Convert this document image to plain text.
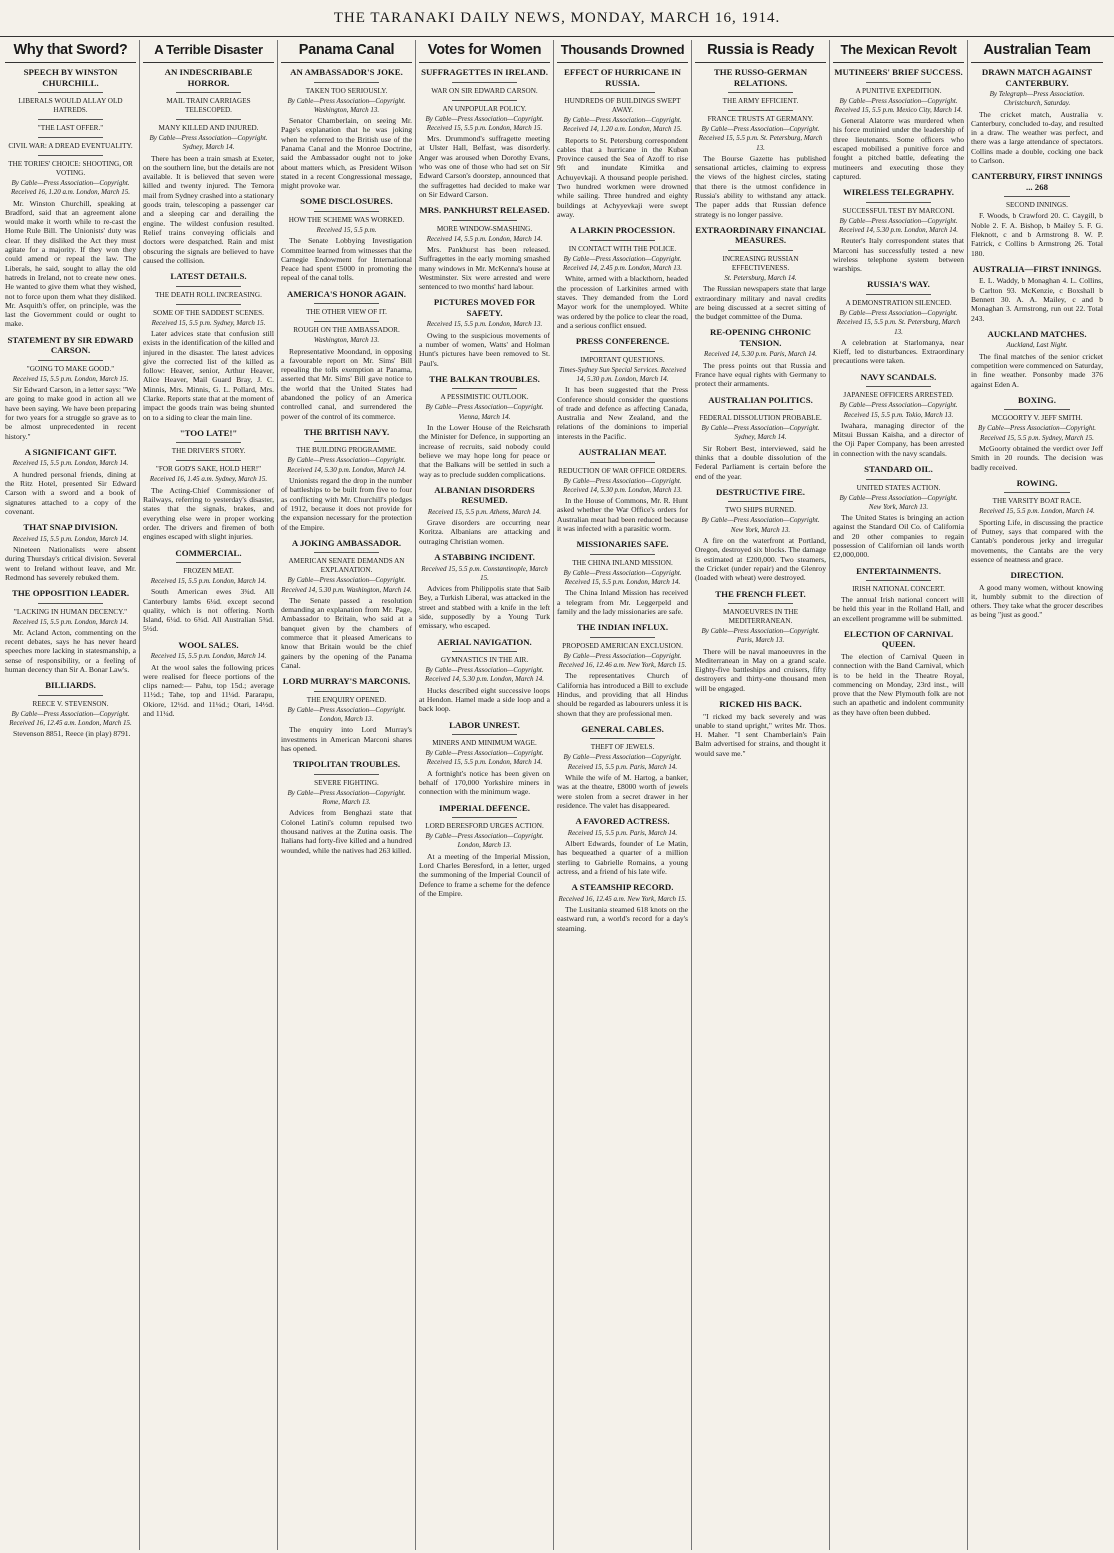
THE TARANAKI DAILY NEWS, MONDAY, MARCH 16, 1914.
Why that Sword?
SPEECH BY WINSTON CHURCHILL.
LIBERALS WOULD ALLAY OLD HATREDS.
"THE LAST OFFER."
CIVIL WAR: A DREAD EVENTUALITY.
THE TORIES' CHOICE: SHOOTING, OR VOTING.
By Cable—Press Association—Copyright. Received 16, 1.20 a.m. London, March 15.

Mr. Winston Churchill, speaking at Bradford, said that an agreement alone would make it worth while to re-cast the Home Rule Bill. The Unionists' duty was clear. If they disliked the Act they must agitate for a majority. If they won they could amend or repeal the law. The Liberals, he said, sought to allay the old hatreds in Ireland, not to create new ones. He wanted to give them what they wished, not to force upon them what they disliked. Mr. Asquith's offer, on principle, was the last the Government could or ought to make.

STATEMENT BY SIR EDWARD CARSON.
"GOING TO MAKE GOOD."
Received 15, 5.5 p.m. London, March 15.

Sir Edward Carson, in a letter says: "We are going to make good in action all we have been saying. We have been preparing for two years for a struggle so grave as to be almost unprecedented in recent history."

A SIGNIFICANT GIFT.
Received 15, 5.5 p.m. London, March 14.

A hundred personal friends, dining at the Ritz Hotel, presented Sir Edward Carson with a sword and a book of signatures attached to a copy of the covenant.

THAT SNAP DIVISION.
Received 15, 5.5 p.m. London, March 14.

Nineteen Nationalists were absent during Thursday's critical division. Several went to Ireland without leave, and Mr. Redmond has severely rebuked them.

THE OPPOSITION LEADER.
"LACKING IN HUMAN DECENCY."
Received 15, 5.5 p.m. London, March 14.

Mr. Acland Acton, commenting on the recent debates, says he has never heard speeches more lacking in statesmanship, a sense of responsibility, or a feeling of human decency than Sir A. Bonar Law's.

BILLIARDS.
REECE V. STEVENSON.
By Cable—Press Association—Copyright. Received 16, 12.45 a.m. London, March 15.

Stevenson 8851, Reece (in play) 8791.

A Terrible Disaster
AN INDESCRIBABLE HORROR.
MAIL TRAIN CARRIAGES TELESCOPED.
MANY KILLED AND INJURED.
By Cable—Press Association—Copyright. Sydney, March 14.

There has been a train smash at Exeter, on the southern line, but the details are not available. It is believed that seven were killed and twenty injured. The Temora mail from Sydney crashed into a stationary goods train, telescoping a passenger car and a sleeping car and derailing the engine. The wildest confusion resulted. Relief trains conveying officials and doctors were despatched. Rain and mist obscuring the signals are believed to have caused the collision.

LATEST DETAILS.
THE DEATH ROLL INCREASING.
SOME OF THE SADDEST SCENES.
Received 15, 5.5 p.m. Sydney, March 15.

Later advices state that confusion still exists in the identification of the killed and injured in the disaster. The latest advices give the corrected list of the killed as follow: Heaver, senior, Arthur Heaver, Alice Heaver, Mail Guard Bray, J. C. Minnis, Mrs. Minnis, G. L. Pollard, Mrs. Clarke. Reports state that at the moment of impact the goods train was being shunted on to a siding to clear the main line.

"TOO LATE!"
THE DRIVER'S STORY.
"FOR GOD'S SAKE, HOLD HER!"
Received 16, 1.45 a.m. Sydney, March 15.

The Acting-Chief Commissioner of Railways, referring to yesterday's disaster, states that the signals, brakes, and everything else were in proper working order. The drivers and firemen of both engines escaped with slight injuries.

COMMERCIAL.
FROZEN MEAT.
Received 15, 5.5 p.m. London, March 14.

South American ewes 3¾d. All Canterbury lambs 6¼d. except second quality, which is not offering. North Island, 6¼d. to 6¾d. All Australian 5¾d. 5½d.

WOOL SALES.
Received 15, 5.5 p.m. London, March 14.

At the wool sales the following prices were realised for fleece portions of the clips named:— Pahu, top 15d.; average 11½d.; Tahe, top and 11¼d. Pararapu, Okiore, 12½d. and 11¼d.; Otari, 14½d. and 11¼d.

Panama Canal
AN AMBASSADOR'S JOKE.
TAKEN TOO SERIOUSLY.
By Cable—Press Association—Copyright. Washington, March 13.

Senator Chamberlain, on seeing Mr. Page's explanation that he was joking when he referred to the British use of the Panama Canal and the Monroe Doctrine, said the Ambassador ought not to joke about matters which, as President Wilson stated in a recent Congressional message, might provoke war.

SOME DISCLOSURES.
HOW THE SCHEME WAS WORKED.
Received 15, 5.5 p.m.

The Senate Lobbying Investigation Committee learned from witnesses that the Carnegie Endowment for International Peace had spent £5000 in promoting the repeal of the canal tolls.

AMERICA'S HONOR AGAIN.
THE OTHER VIEW OF IT.
ROUGH ON THE AMBASSADOR.
Washington, March 13.

Representative Moondand, in opposing a favourable report on Mr. Sims' Bill repealing the tolls exemption at Panama, asserted that Mr. Sims' Bill gave notice to the world that the United States had abandoned the policy of an America controlled canal, and surrendered the power of the control of its commerce.

THE BRITISH NAVY.
THE BUILDING PROGRAMME.
By Cable—Press Association—Copyright. Received 14, 5.30 p.m. London, March 14.

Unionists regard the drop in the number of battleships to be built from five to four as conflicting with Mr. Churchill's pledges of 1912, because it does not provide for the expansion necessary for the protection of the Empire.

A JOKING AMBASSADOR.
AMERICAN SENATE DEMANDS AN EXPLANATION.
By Cable—Press Association—Copyright. Received 14, 5.30 p.m. Washington, March 14.

The Senate passed a resolution demanding an explanation from Mr. Page, Ambassador to Britain, who said at a banquet given by the chambers of commerce that it pleased Americans to know that Britain would be the chief gainers by the opening of the Panama Canal.

LORD MURRAY'S MARCONIS.
THE ENQUIRY OPENED.
By Cable—Press Association—Copyright. London, March 13.

The enquiry into Lord Murray's investments in American Marconi shares has opened.

TRIPOLITAN TROUBLES.
SEVERE FIGHTING.
By Cable—Press Association—Copyright. Rome, March 13.

Advices from Benghazi state that Colonel Latini's column repulsed two thousand natives at the Zutina oasis. The Italians had forty-five killed and a hundred wounded, while the natives had 263 killed.

Votes for Women
SUFFRAGETTES IN IRELAND.
WAR ON SIR EDWARD CARSON.
AN UNPOPULAR POLICY.
By Cable—Press Association—Copyright. Received 15, 5.5 p.m. London, March 15.

Mrs. Drummond's suffragette meeting at Ulster Hall, Belfast, was disorderly. Anger was aroused when Dorothy Evans, who was one of those who had set on Sir Edward Carson's doorstep, announced that the suffragettes had decided to make war on Sir Edward Carson.

MRS. PANKHURST RELEASED.
MORE WINDOW-SMASHING.
Received 14, 5.5 p.m. London, March 14.

Mrs. Pankhurst has been released. Suffragettes in the early morning smashed many windows in Mr. McKenna's house at Westminster. Six were arrested and were sentenced to two months' hard labour.

PICTURES MOVED FOR SAFETY.
Received 15, 5.5 p.m. London, March 13.

Owing to the suspicious movements of a number of women, Watts' and Holman Hunt's pictures have been removed to St. Paul's.

THE BALKAN TROUBLES.
A PESSIMISTIC OUTLOOK.
By Cable—Press Association—Copyright. Vienna, March 14.

In the Lower House of the Reichsrath the Minister for Defence, in supporting an increase of recruits, said nobody could believe we may hope long for peace or that the Balkans will be settled in such a way as to preclude sudden complications.

ALBANIAN DISORDERS RESUMED.
Received 15, 5.5 p.m. Athens, March 14.

Grave disorders are occurring near Koritza. Albanians are attacking and outraging Christian women.

A STABBING INCIDENT.
Received 15, 5.5 p.m. Constantinople, March 15.

Advices from Philippolis state that Saib Bey, a Turkish Liberal, was attacked in the street and stabbed with a knife in the left side, supposedly by a Young Turk emissary, who escaped.

AERIAL NAVIGATION.
GYMNASTICS IN THE AIR.
By Cable—Press Association—Copyright. Received 14, 5.30 p.m. London, March 14.

Hucks described eight successive loops at Hendon. Hamel made a side loop and a back loop.

LABOR UNREST.
MINERS AND MINIMUM WAGE.
By Cable—Press Association—Copyright. Received 15, 5.5 p.m. London, March 14.

A fortnight's notice has been given on behalf of 170,000 Yorkshire miners in connection with the minimum wage.

IMPERIAL DEFENCE.
LORD BERESFORD URGES ACTION.
By Cable—Press Association—Copyright. London, March 13.

At a meeting of the Imperial Mission, Lord Charles Beresford, in a letter, urged the summoning of the Imperial Council of Defence to frame a scheme for the defence of the Empire.

Thousands Drowned
EFFECT OF HURRICANE IN RUSSIA.
HUNDREDS OF BUILDINGS SWEPT AWAY.
By Cable—Press Association—Copyright. Received 14, 1.20 a.m. London, March 15.

Reports to St. Petersburg correspondent cables that a hurricane in the Kuban Province caused the Sea of Azoff to rise 9ft and inundate Kimitka and Achuyevkaji. A thousand people perished. Two hundred workmen were drowned while sailing. Three hundred and eighty buildings at Achyyevkaji were swept away.

A LARKIN PROCESSION.
IN CONTACT WITH THE POLICE.
By Cable—Press Association—Copyright. Received 14, 2.45 p.m. London, March 13.

White, armed with a blackthorn, headed the procession of Larkinites armed with staves. They demanded from the Lord Mayor work for the unemployed. White was ordered by the police to clear the road, and a serious conflict ensued.

PRESS CONFERENCE.
IMPORTANT QUESTIONS.
Times-Sydney Sun Special Services. Received 14, 5.30 p.m. London, March 14.

It has been suggested that the Press Conference should consider the questions of trade and defence as affecting Canada, Australia and New Zealand, and the relations of the dominions to imperial interests in the Pacific.

AUSTRALIAN MEAT.
REDUCTION OF WAR OFFICE ORDERS.
By Cable—Press Association—Copyright. Received 14, 5.30 p.m. London, March 13.

In the House of Commons, Mr. R. Hunt asked whether the War Office's orders for Australian meat had been reduced because it was infected with a parasitic worm.

MISSIONARIES SAFE.
THE CHINA INLAND MISSION.
By Cable—Press Association—Copyright. Received 15, 5.5 p.m. London, March 14.

The China Inland Mission has received a telegram from Mr. Leggerpeld and family and the lady missionaries are safe.

THE INDIAN INFLUX.
PROPOSED AMERICAN EXCLUSION.
By Cable—Press Association—Copyright. Received 16, 12.46 a.m. New York, March 15.

The representatives Church of California has introduced a Bill to exclude Hindus, and providing that all Hindus should be regarded as labourers unless it is shown that they are professional men.

GENERAL CABLES.
THEFT OF JEWELS.
By Cable—Press Association—Copyright. Received 15, 5.5 p.m. Paris, March 14.

While the wife of M. Hartog, a banker, was at the theatre, £8000 worth of jewels were stolen from a secret drawer in her residence. The valet has disappeared.

A FAVORED ACTRESS.
Received 15, 5.5 p.m. Paris, March 14.

Albert Edwards, founder of Le Matin, has bequeathed a quarter of a million sterling to Gabrielle Romains, a young actress, and a friend of his late wife.

A STEAMSHIP RECORD.
Received 16, 12.45 a.m. New York, March 15.

The Lusitania steamed 618 knots on the eastward run, a world's record for a day's steaming.

Russia is Ready
THE RUSSO-GERMAN RELATIONS.
THE ARMY EFFICIENT.
FRANCE TRUSTS AT GERMANY.
By Cable—Press Association—Copyright. Received 15, 5.5 p.m. St. Petersburg, March 13.

The Bourse Gazette has published sensational articles, claiming to express the views of the highest circles, stating that there is the utmost confidence in Russia's ability to withstand any attack. The paper adds that Russian defence strategy is no longer passive.

EXTRAORDINARY FINANCIAL MEASURES.
INCREASING RUSSIAN EFFECTIVENESS.
St. Petersburg, March 14.

The Russian newspapers state that large extraordinary military and naval credits are being discussed at a secret sitting of the budget committee of the Duma.

RE-OPENING CHRONIC TENSION.
Received 14, 5.30 p.m. Paris, March 14.

The press points out that Russia and France have equal rights with Germany to protect their armaments.

AUSTRALIAN POLITICS.
FEDERAL DISSOLUTION PROBABLE.
By Cable—Press Association—Copyright. Sydney, March 14.

Sir Robert Best, interviewed, said he thinks that a double dissolution of the Federal Parliament is certain before the end of the year.

DESTRUCTIVE FIRE.
TWO SHIPS BURNED.
By Cable—Press Association—Copyright. New York, March 13.

A fire on the waterfront at Portland, Oregon, destroyed six blocks. The damage is estimated at £200,000. Two steamers, the Cricket (under repair) and the Glenroy (loaded with wheat) were destroyed.

THE FRENCH FLEET.
MANOEUVRES IN THE MEDITERRANEAN.
By Cable—Press Association—Copyright. Paris, March 13.

There will be naval manoeuvres in the Mediterranean in May on a grand scale. Eighty-five battleships and cruisers, fifty destroyers and thirty-one thousand men will be engaged.

RICKED HIS BACK.

"I ricked my back severely and was unable to stand upright," writes Mr. Thos. H. Maher. "I sent Chamberlain's Pain Balm advertised for strains, and thought it would save me."

The Mexican Revolt
MUTINEERS' BRIEF SUCCESS.
A PUNITIVE EXPEDITION.
By Cable—Press Association—Copyright. Received 15, 5.5 p.m. Mexico City, March 14.

General Alatorre was murdered when his force mutinied under the leadership of three lieutenants. Some officers who escaped mobilised a punitive force and fought a pitched battle, defeating the mutineers and executing those they captured.

WIRELESS TELEGRAPHY.
SUCCESSFUL TEST BY MARCONI.
By Cable—Press Association—Copyright. Received 14, 5.30 p.m. London, March 14.

Reuter's Italy correspondent states that Marconi has successfully tested a new wireless telephone system between warships.

RUSSIA'S WAY.
A DEMONSTRATION SILENCED.
By Cable—Press Association—Copyright. Received 15, 5.5 p.m. St. Petersburg, March 13.

A celebration at Starlomanya, near Kieff, led to disturbances. Extraordinary precautions were taken.

NAVY SCANDALS.
JAPANESE OFFICERS ARRESTED.
By Cable—Press Association—Copyright. Received 15, 5.5 p.m. Tokio, March 13.

Iwahara, managing director of the Mitsui Bussan Kaisha, and a director of the Oji Paper Company, has been arrested in connection with the navy scandals.

STANDARD OIL.
UNITED STATES ACTION.
By Cable—Press Association—Copyright. New York, March 13.

The United States is bringing an action against the Standard Oil Co. of California and 20 other companies to regain possession of Californian oil lands worth £2,000,000.

ENTERTAINMENTS.
IRISH NATIONAL CONCERT.

The annual Irish national concert will be held this year in the Rolland Hall, and an excellent programme will be submitted.

ELECTION OF CARNIVAL QUEEN.

The election of Carnival Queen in connection with the Band Carnival, which is to be held in the Theatre Royal, commencing on Monday, 23rd inst., will prove that the New Plymouth folk are not such an apathetic and indolent community as they have often been dubbed.

Australian Team
DRAWN MATCH AGAINST CANTERBURY.
By Telegraph—Press Association. Christchurch, Saturday.

The cricket match, Australia v. Canterbury, concluded to-day, and resulted in a draw. The weather was perfect, and there was a large attendance of spectators. Collins made a double, cocking one back to Carlson.

CANTERBURY, FIRST INNINGS ... 268
SECOND INNINGS.

F. Woods, b Crawford 20. C. Caygill, b Noble 2. F. A. Bishop, b Mailey 5. F. G. Fleknott, c and b Armstrong 8. W. P. Fatrick, c Collins b Armstrong 26. Total 180.

AUSTRALIA—FIRST INNINGS.

E. L. Waddy, b Monaghan 4. L. Collins, b Carlton 93. McKenzie, c Boxshall b Bennett 30. A. A. Mailey, c and b Monaghan 3. Armstrong, run out 22. Total 243.

AUCKLAND MATCHES.
Auckland, Last Night.

The final matches of the senior cricket competition were commenced on Saturday, in fine weather. Ponsonby made 376 against Eden A.

BOXING.
MCGOORTY V. JEFF SMITH.
By Cable—Press Association—Copyright. Received 15, 5.5 p.m. Sydney, March 15.

McGoorty obtained the verdict over Jeff Smith in 20 rounds. The decision was badly received.

ROWING.
THE VARSITY BOAT RACE.
Received 15, 5.5 p.m. London, March 14.

Sporting Life, in discussing the practice of Putney, says that compared with the Cantab's ponderous jerky and irregular movements, the Cantabs are the very essence of neatness and grace.

DIRECTION.

A good many women, without knowing it, humbly submit to the direction of others. They take what the grocer describes as being "just as good."
